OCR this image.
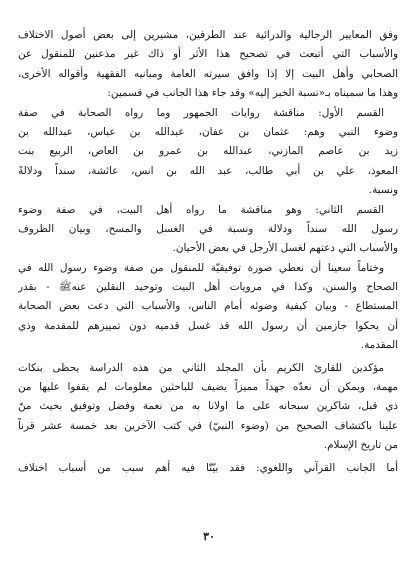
وفق المعايير الرجالية والدرائية عند الطرفين، مشيرين إلى بعض أصول الاختلاف
والأسباب التي أتبعت في تصحيح هذا الأثر أو ذاك غير مذعنين للمنقول عن
الصحابي وأهل البيت إلا إذا وافق سيرته العامة ومبانيه الفقهية وأقواله الأخرى،
وهذا ما سميناه بـ«نسبة الخبر إليه» وقد جاء هذا الجانب في قسمين:
القسم الأول: مناقشة روايات الجمهور وما رواه الصحابة في صفة
وضوء النبي وهم: عثمان بن عفان، عبدالله بن عباس، عبدالله بن
زيد بن عاصم المازني، عبدالله بن عمرو بن العاص، الربيع بنت
المعوذ، علي بن أبي طالب، عبد الله بن انس، عائشة، سنداً ودلالةً
ونسبة.
القسم الثاني: وهو مناقشة ما رواه أهل البيت، في صفة وضوء
رسول الله سنداً ودلالة ونسبة في الغسل والمسح، وبيان الظروف
والأسباب التي دعتهم لغسل الأرجل في بعض الأحيان.
وختاماً سعينا أن نعطي صورة توفيقيّة للمنقول من صفة وضوء رسول الله في
الصحاح والسنن، وكذا في مرويات أهل البيت وتوحيد النقلين عنهﷺ - بقدر
المستطاع - وبيان كيفية وضوئه أمام الناس، والأسباب التي دعت بعض الصحابة
أن يحكوا جازمين أن رسول الله قد غسل قدميه دون تمييزهم للمقدمة وذي
المقدمة.
مؤكدين للقارئ الكريم بأن المجلد الثاني من هذه الدراسة يحظى بنكات
مهمة، ويمكن أن نعدّه جهداً مميزاً يضيف للباحثين معلومات لم يقفوا عليها من
ذي قبل، شاكرين سبحانه على ما اولانا به من نعمة وفضل وتوفيق بحيث منّ
علينا باكتشاف الصحيح من (وضوء النبيّ) في كتب الآخرين بعد خمسة عشر قرناً
من تاريخ الإسلام.
أما الجانب القرآني واللغوي: فقد بيّنّا فيه أهم سبب من أسباب اختلاف
٣٠
